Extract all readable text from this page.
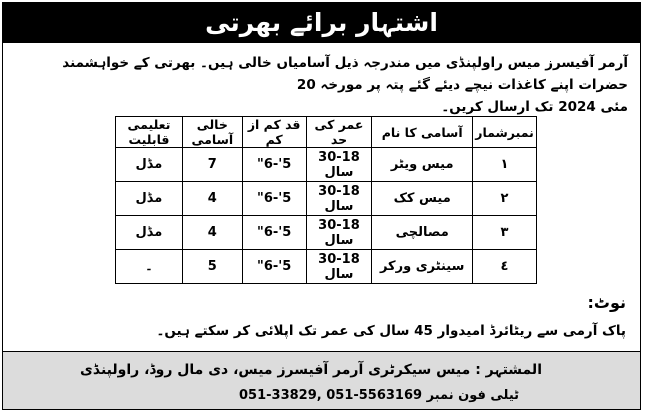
اشتہار برائے بھرتی
آرمر آفیسرز میس راولپنڈی میں مندرجہ ذیل آسامیاں خالی ہیں۔ بھرتی کے خواہشمند حضرات اپنے کاغذات نیچے دیئے گئے پتہ پر مورخہ 20
مئی 2024 تک ارسال کریں۔
نمبرشمار	آسامی کا نام	عمر کی حد	قد کم از کم	خالی آسامی	تعلیمی قابلیت
١	میس ویٹر	30-18 سال	5'-6"	7	مڈل
٢	میس کک	30-18 سال	5'-6"	4	مڈل
٣	مصالچی	30-18 سال	5'-6"	4	مڈل
٤	سینٹری ورکر	30-18 سال	5'-6"	5	۔
نوٹ:
پاک آرمی سے ریٹائرڈ امیدوار 45 سال کی عمر تک اپلائی کر سکتے ہیں۔
المشتہر : میس سیکرٹری آرمر آفیسرز میس، دی مال روڈ، راولپنڈی
ٹیلی فون نمبر 051-33829, 051-5563169
